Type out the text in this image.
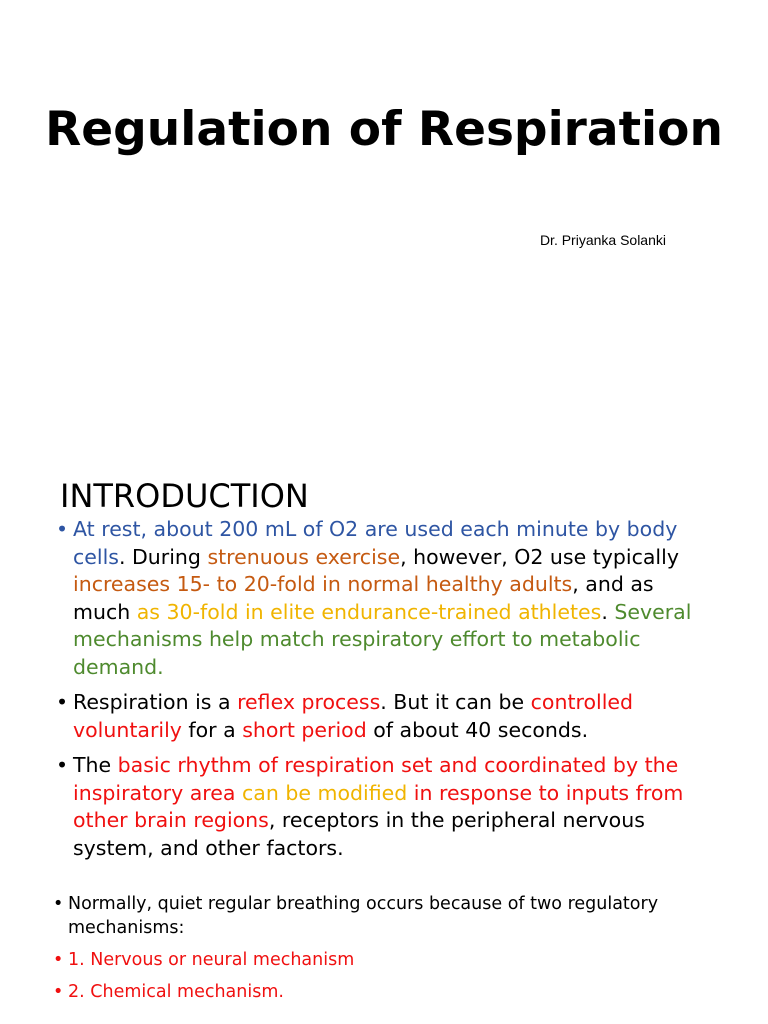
Regulation of Respiration
Dr. Priyanka Solanki
INTRODUCTION
• At rest, about 200 mL of O2 are used each minute by body cells. During strenuous exercise, however, O2 use typically increases 15- to 20-fold in normal healthy adults, and as much as 30-fold in elite endurance-trained athletes. Several mechanisms help match respiratory effort to metabolic demand.
• Respiration is a reflex process. But it can be controlled voluntarily for a short period of about 40 seconds.
• The basic rhythm of respiration set and coordinated by the inspiratory area can be modified in response to inputs from other brain regions, receptors in the peripheral nervous system, and other factors.
• Normally, quiet regular breathing occurs because of two regulatory mechanisms:
• 1. Nervous or neural mechanism
• 2. Chemical mechanism.
